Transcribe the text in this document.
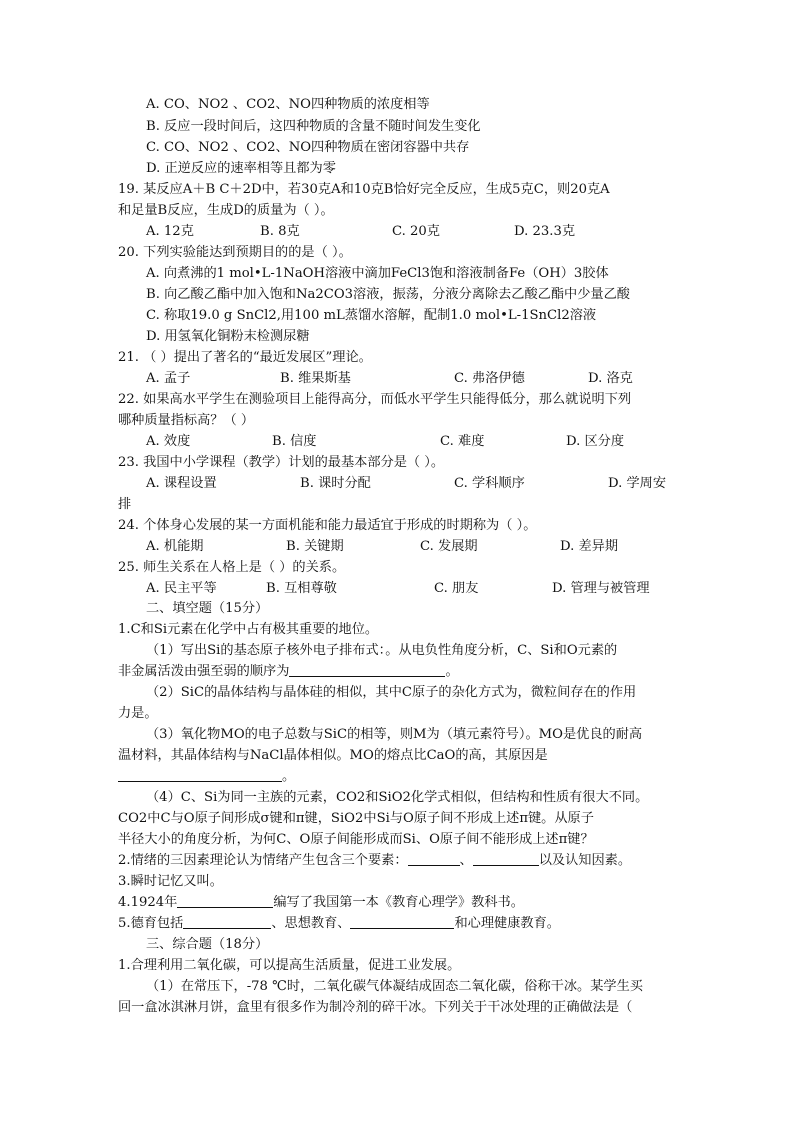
A. CO、NO2 、CO2、NO四种物质的浓度相等
B. 反应一段时间后，这四种物质的含量不随时间发生变化
C. CO、NO2 、CO2、NO四种物质在密闭容器中共存
D. 正逆反应的速率相等且都为零
19. 某反应A＋B C＋2D中，若30克A和10克B恰好完全反应，生成5克C，则20克A
和足量B反应，生成D的质量为（ ）。
A. 12克	B. 8克	C. 20克	D. 23.3克
20. 下列实验能达到预期目的的是（ ）。
A. 向煮沸的1 mol•L-1NaOH溶液中滴加FeCl3饱和溶液制备Fe（OH）3胶体
B. 向乙酸乙酯中加入饱和Na2CO3溶液，振荡，分液分离除去乙酸乙酯中少量乙酸
C. 称取19.0 g SnCl2,用100 mL蒸馏水溶解，配制1.0 mol•L-1SnCl2溶液
D. 用氢氧化铜粉末检测尿糖
21. （ ）提出了著名的“最近发展区”理论。
A. 孟子	B. 维果斯基	C. 弗洛伊德	D. 洛克
22. 如果高水平学生在测验项目上能得高分，而低水平学生只能得低分，那么就说明下列
哪种质量指标高？（ ）
A. 效度	B. 信度	C. 难度	D. 区分度
23. 我国中小学课程（教学）计划的最基本部分是（ ）。
A. 课程设置	B. 课时分配	C. 学科顺序	D. 学周安
排
24. 个体身心发展的某一方面机能和能力最适宜于形成的时期称为（ ）。
A. 机能期	B. 关键期	C. 发展期	D. 差异期
25. 师生关系在人格上是（ ）的关系。
A. 民主平等	B. 互相尊敬	C. 朋友	D. 管理与被管理
二、填空题（15分）
1.C和Si元素在化学中占有极其重要的地位。
（1）写出Si的基态原子核外电子排布式：。从电负性角度分析，C、Si和O元素的
非金属活泼由强至弱的顺序为	。
（2）SiC的晶体结构与晶体硅的相似，其中C原子的杂化方式为，微粒间存在的作用
力是。
（3）氧化物MO的电子总数与SiC的相等，则M为（填元素符号）。MO是优良的耐高
温材料，其晶体结构与NaCl晶体相似。MO的熔点比CaO的高，其原因是
。
（4）C、Si为同一主族的元素，CO2和SiO2化学式相似，但结构和性质有很大不同。
CO2中C与O原子间形成σ键和π键，SiO2中Si与O原子间不形成上述π键。从原子
半径大小的角度分析，为何C、O原子间能形成而Si、O原子间不能形成上述π键？
2.情绪的三因素理论认为情绪产生包含三个要素：	、	以及认知因素。
3.瞬时记忆又叫。
4.1924年	编写了我国第一本《教育心理学》教科书。
5.德育包括	、思想教育、	和心理健康教育。
三、综合题（18分）
1.合理利用二氧化碳，可以提高生活质量，促进工业发展。
（1）在常压下，-78 ℃时，二氧化碳气体凝结成固态二氧化碳，俗称干冰。某学生买
回一盒冰淇淋月饼，盒里有很多作为制冷剂的碎干冰。下列关于干冰处理的正确做法是（
